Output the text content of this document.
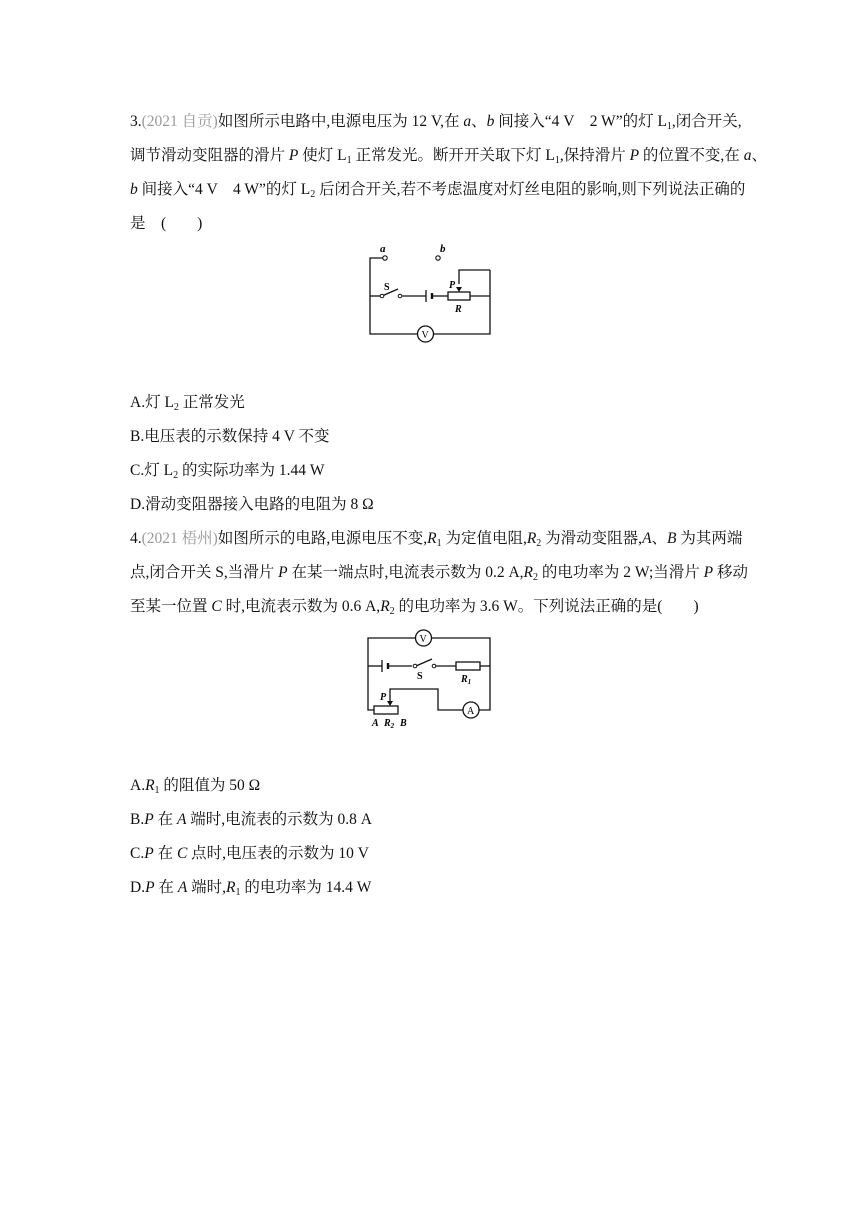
3.(2021 自贡)如图所示电路中,电源电压为 12 V,在 a、b 间接入“4 V　2 W”的灯 $L_1$,闭合开关,
调节滑动变阻器的滑片 P 使灯 $L_1$ 正常发光。断开开关取下灯 $L_1$,保持滑片 P 的位置不变,在 a、
b 间接入“4 V　4 W”的灯 $L_2$ 后闭合开关,若不考虑温度对灯丝电阻的影响,则下列说法正确的
是　(　　)
a	b
S	P
R
V
A.灯 $L_2$ 正常发光
B.电压表的示数保持 4 V 不变
C.灯 $L_2$ 的实际功率为 1.44 W
D.滑动变阻器接入电路的电阻为 8 Ω
4.(2021 梧州)如图所示的电路,电源电压不变$,R_1$ 为定值电阻$,R_2$ 为滑动变阻器,A、B 为其两端
点,闭合开关 S,当滑片 P 在某一端点时,电流表示数为 0.2 $A,R_2$ 的电功率为 2 W;当滑片 P 移动
至某一位置 C 时,电流表示数为 0.6 $A,R_2$ 的电功率为 3.6 W。下列说法正确的是(　　)
V
S	$R_1$
P
A $R_2$ B
A
$A.R_1$ 的阻值为 50 Ω
B.P 在 A 端时,电流表的示数为 0.8 A
C.P 在 C 点时,电压表的示数为 10 V
D.P 在 A 端时$,R_1$ 的电功率为 14.4 W
